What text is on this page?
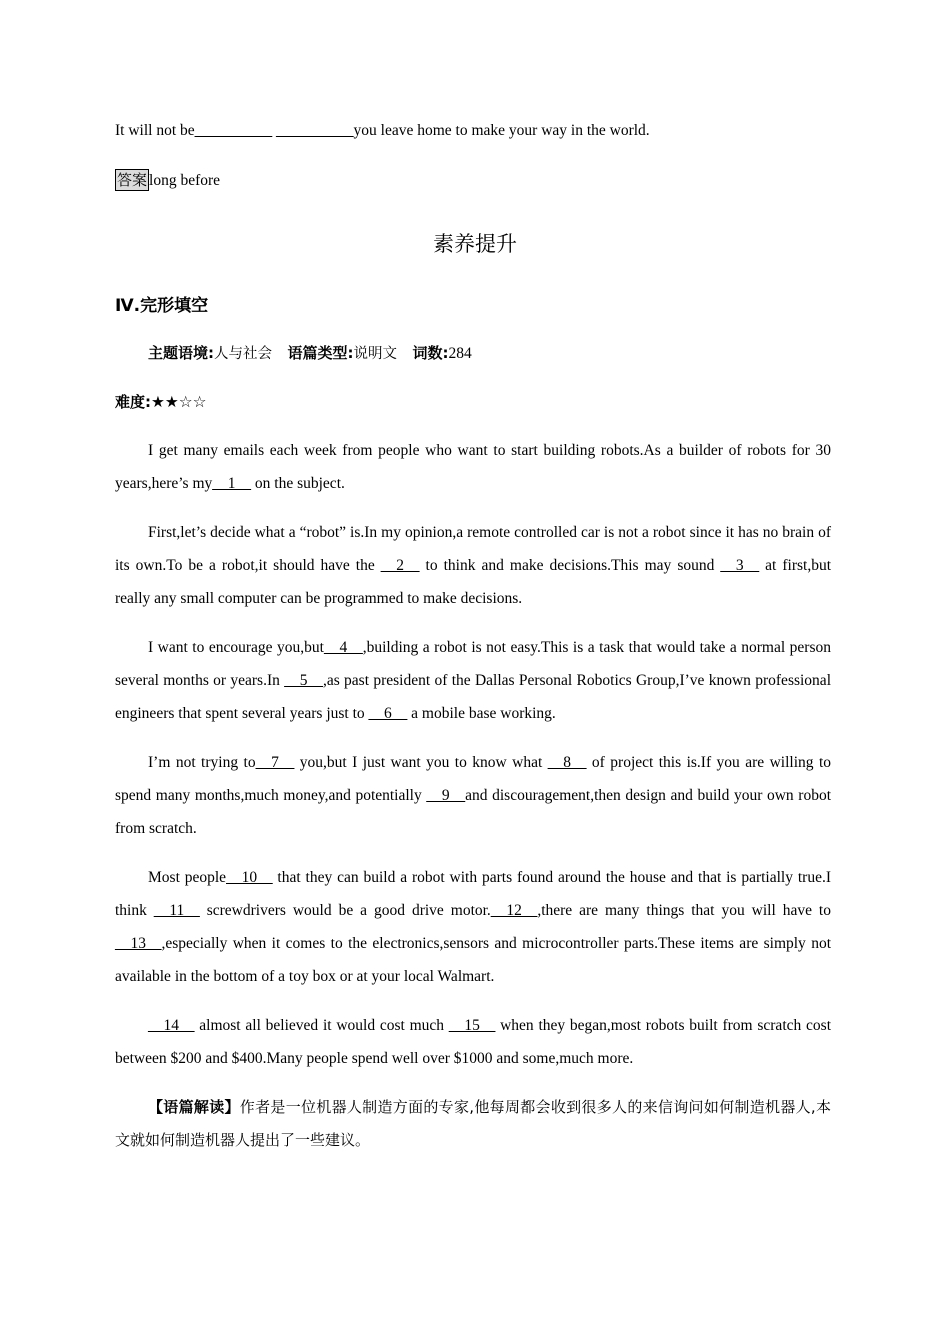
It will not be__________ __________you leave home to make your way in the world.
答案 long before
素养提升
Ⅳ.完形填空
主题语境:人与社会 语篇类型:说明文 词数:284
难度:★★☆☆
I get many emails each week from people who want to start building robots.As a builder of robots for 30 years,here’s my__1__ on the subject.
First,let’s decide what a “robot” is.In my opinion,a remote controlled car is not a robot since it has no brain of its own.To be a robot,it should have the __2__ to think and make decisions.This may sound __3__ at first,but really any small computer can be programmed to make decisions.
I want to encourage you,but__4__,building a robot is not easy.This is a task that would take a normal person several months or years.In __5__,as past president of the Dallas Personal Robotics Group,I’ve known professional engineers that spent several years just to __6__ a mobile base working.
I’m not trying to__7__ you,but I just want you to know what __8__ of project this is.If you are willing to spend many months,much money,and potentially __9__and discouragement,then design and build your own robot from scratch.
Most people__10__ that they can build a robot with parts found around the house and that is partially true.I think __11__ screwdrivers would be a good drive motor.__12__,there are many things that you will have to __13__,especially when it comes to the electronics,sensors and microcontroller parts.These items are simply not available in the bottom of a toy box or at your local Walmart.
__14__ almost all believed it would cost much __15__ when they began,most robots built from scratch cost between $200 and $400.Many people spend well over $1000 and some,much more.
【语篇解读】作者是一位机器人制造方面的专家,他每周都会收到很多人的来信询问如何制造机器人,本文就如何制造机器人提出了一些建议。
